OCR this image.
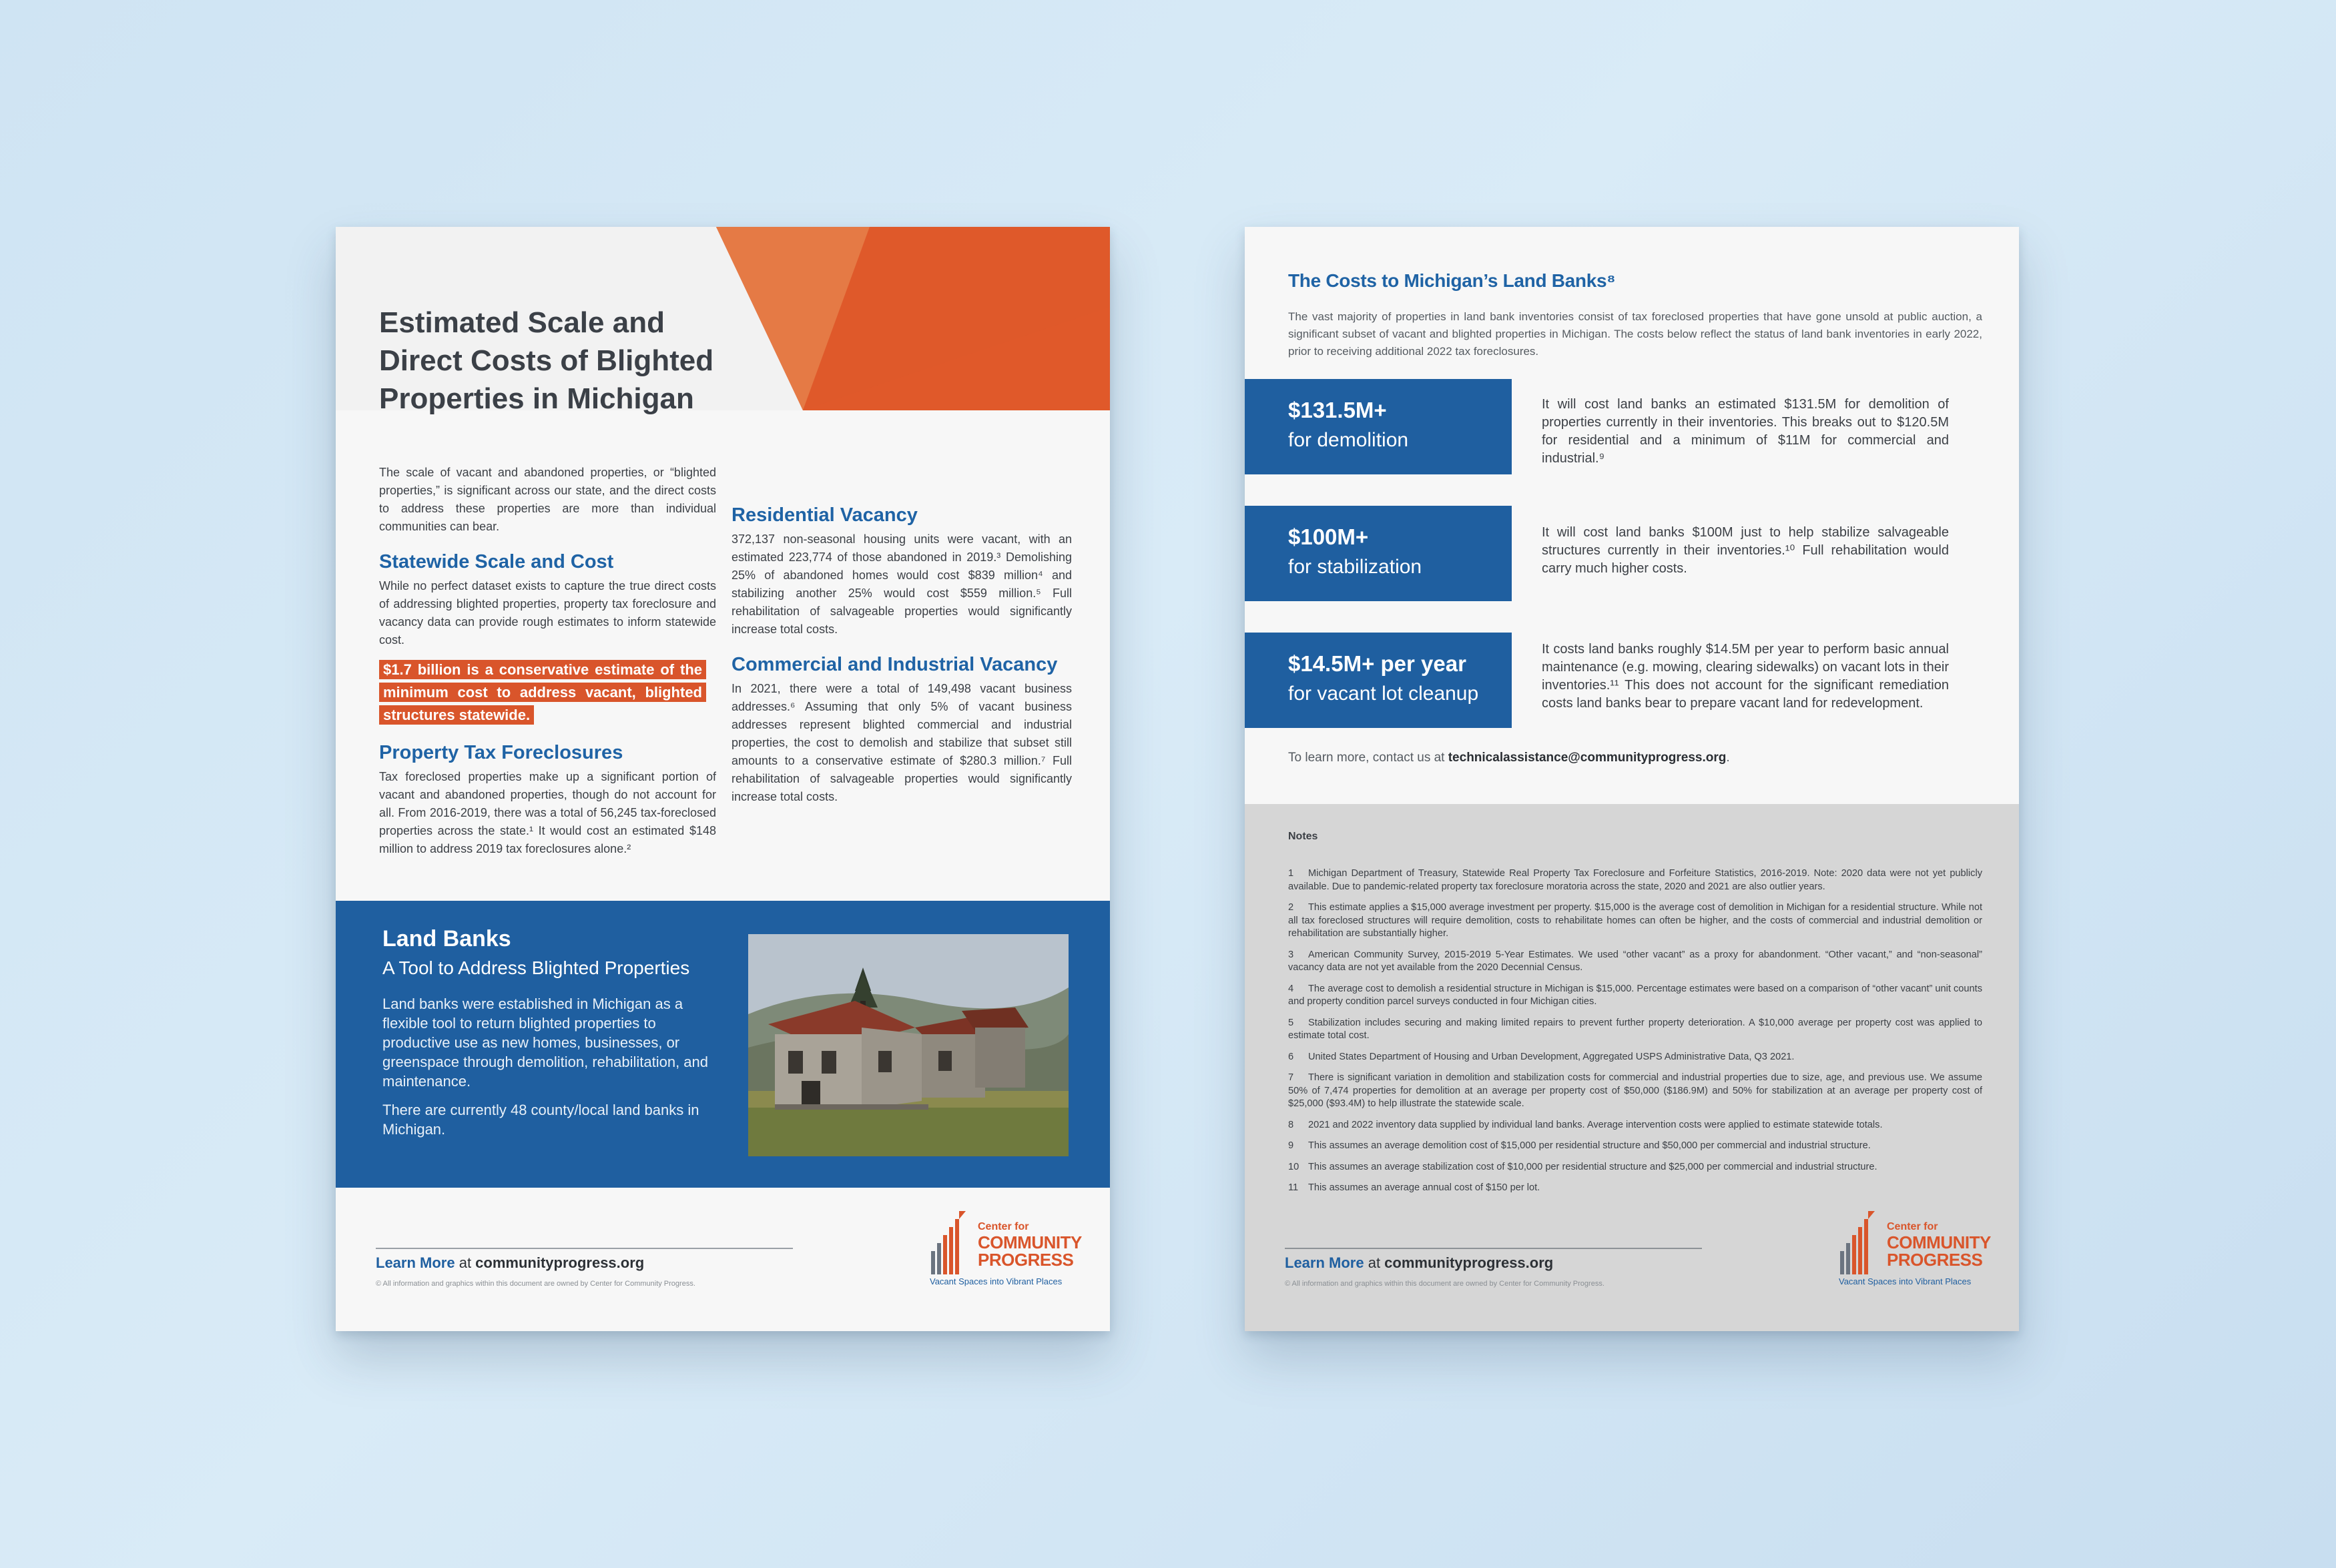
Estimated Scale and Direct Costs of Blighted Properties in Michigan

The scale of vacant and abandoned properties, or “blighted properties,” is significant across our state, and the direct costs to address these properties are more than individual communities can bear.

Statewide Scale and Cost

While no perfect dataset exists to capture the true direct costs of addressing blighted properties, property tax foreclosure and vacancy data can provide rough estimates to inform statewide cost.

$1.7 billion is a conservative estimate of the minimum cost to address vacant, blighted structures statewide.
Property Tax Foreclosures

Tax foreclosed properties make up a significant portion of vacant and abandoned properties, though do not account for all. From 2016-2019, there was a total of 56,245 tax-foreclosed properties across the state.¹ It would cost an estimated $148 million to address 2019 tax foreclosures alone.²

Residential Vacancy

372,137 non-seasonal housing units were vacant, with an estimated 223,774 of those abandoned in 2019.³ Demolishing 25% of abandoned homes would cost $839 million⁴ and stabilizing another 25% would cost $559 million.⁵ Full rehabilitation of salvageable properties would significantly increase total costs.

Commercial and Industrial Vacancy

In 2021, there were a total of 149,498 vacant business addresses.⁶ Assuming that only 5% of vacant business addresses represent blighted commercial and industrial properties, the cost to demolish and stabilize that subset still amounts to a conservative estimate of $280.3 million.⁷ Full rehabilitation of salvageable properties would significantly increase total costs.

Land Banks
A Tool to Address Blighted Properties

Land banks were established in Michigan as a flexible tool to return blighted properties to productive use as new homes, businesses, or greenspace through demolition, rehabilitation, and maintenance.

There are currently 48 county/local land banks in Michigan.

Learn More at communityprogress.org
© All information and graphics within this document are owned by Center for Community Progress.
Center for
COMMUNITY
PROGRESS
Vacant Spaces into Vibrant Places
The Costs to Michigan’s Land Banks⁸
The vast majority of properties in land bank inventories consist of tax foreclosed properties that have gone unsold at public auction, a significant subset of vacant and blighted properties in Michigan. The costs below reflect the status of land bank inventories in early 2022, prior to receiving additional 2022 tax foreclosures.
$131.5M+
for demolition
It will cost land banks an estimated $131.5M for demolition of properties currently in their inventories. This breaks out to $120.5M for residential and a minimum of $11M for commercial and industrial.⁹
$100M+
for stabilization
It will cost land banks $100M just to help stabilize salvageable structures currently in their inventories.¹⁰ Full rehabilitation would carry much higher costs.
$14.5M+ per year
for vacant lot cleanup
It costs land banks roughly $14.5M per year to perform basic annual maintenance (e.g. mowing, clearing sidewalks) on vacant lots in their inventories.¹¹ This does not account for the significant remediation costs land banks bear to prepare vacant land for redevelopment.
To learn more, contact us at technicalassistance@communityprogress.org.
Notes
1 Michigan Department of Treasury, Statewide Real Property Tax Foreclosure and Forfeiture Statistics, 2016-2019. Note: 2020 data were not yet publicly available. Due to pandemic-related property tax foreclosure moratoria across the state, 2020 and 2021 are also outlier years.
2 This estimate applies a $15,000 average investment per property. $15,000 is the average cost of demolition in Michigan for a residential structure. While not all tax foreclosed structures will require demolition, costs to rehabilitate homes can often be higher, and the costs of commercial and industrial demolition or rehabilitation are substantially higher.
3 American Community Survey, 2015-2019 5-Year Estimates. We used “other vacant” as a proxy for abandonment. “Other vacant,” and “non-seasonal” vacancy data are not yet available from the 2020 Decennial Census.
4 The average cost to demolish a residential structure in Michigan is $15,000. Percentage estimates were based on a comparison of “other vacant” unit counts and property condition parcel surveys conducted in four Michigan cities.
5 Stabilization includes securing and making limited repairs to prevent further property deterioration. A $10,000 average per property cost was applied to estimate total cost.
6 United States Department of Housing and Urban Development, Aggregated USPS Administrative Data, Q3 2021.
7 There is significant variation in demolition and stabilization costs for commercial and industrial properties due to size, age, and previous use. We assume 50% of 7,474 properties for demolition at an average per property cost of $50,000 ($186.9M) and 50% for stabilization at an average per property cost of $25,000 ($93.4M) to help illustrate the statewide scale.
8 2021 and 2022 inventory data supplied by individual land banks. Average intervention costs were applied to estimate statewide totals.
9 This assumes an average demolition cost of $15,000 per residential structure and $50,000 per commercial and industrial structure.
10 This assumes an average stabilization cost of $10,000 per residential structure and $25,000 per commercial and industrial structure.
11 This assumes an average annual cost of $150 per lot.
Learn More at communityprogress.org
© All information and graphics within this document are owned by Center for Community Progress.
Center for
COMMUNITY
PROGRESS
Vacant Spaces into Vibrant Places
